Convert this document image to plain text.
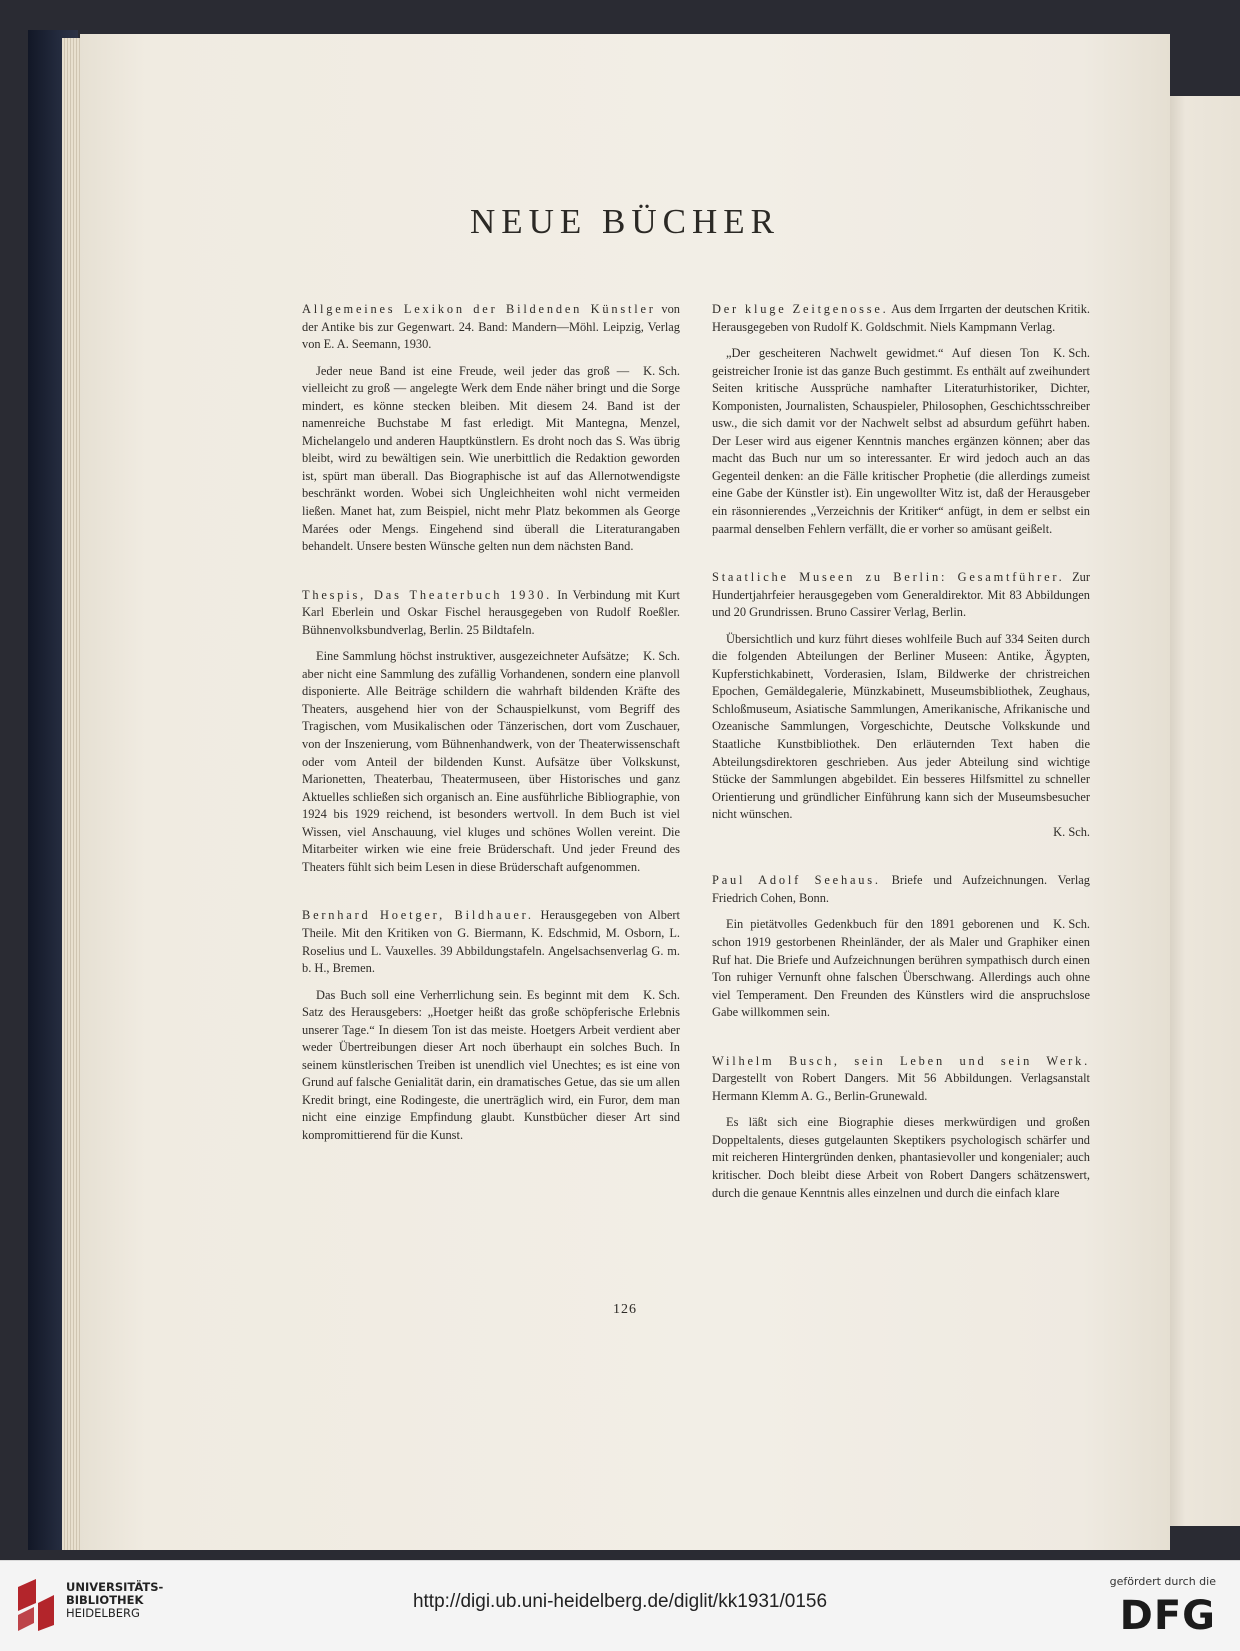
NEUE BÜCHER

Allgemeines Lexikon der Bildenden Künstler von der Antike bis zur Gegenwart. 24. Band: Mandern—Möhl. Leipzig, Verlag von E. A. Seemann, 1930.

K. Sch.
Jeder neue Band ist eine Freude, weil jeder das groß — vielleicht zu groß — angelegte Werk dem Ende näher bringt und die Sorge mindert, es könne stecken bleiben. Mit diesem 24. Band ist der namenreiche Buchstabe M fast erledigt. Mit Mantegna, Menzel, Michelangelo und anderen Hauptkünstlern. Es droht noch das S. Was übrig bleibt, wird zu bewältigen sein. Wie unerbittlich die Redaktion geworden ist, spürt man überall. Das Biographische ist auf das Allernotwendigste beschränkt worden. Wobei sich Ungleichheiten wohl nicht vermeiden ließen. Manet hat, zum Beispiel, nicht mehr Platz bekommen als George Marées oder Mengs. Eingehend sind überall die Literaturangaben behandelt. Unsere besten Wünsche gelten nun dem nächsten Band.

Thespis, Das Theaterbuch 1930. In Verbindung mit Kurt Karl Eberlein und Oskar Fischel herausgegeben von Rudolf Roeßler. Bühnenvolksbundverlag, Berlin. 25 Bildtafeln.

K. Sch.
Eine Sammlung höchst instruktiver, ausgezeichneter Aufsätze; aber nicht eine Sammlung des zufällig Vorhandenen, sondern eine planvoll disponierte. Alle Beiträge schildern die wahrhaft bildenden Kräfte des Theaters, ausgehend hier von der Schauspielkunst, vom Begriff des Tragischen, vom Musikalischen oder Tänzerischen, dort vom Zuschauer, von der Inszenierung, vom Bühnenhandwerk, von der Theaterwissenschaft oder vom Anteil der bildenden Kunst. Aufsätze über Volkskunst, Marionetten, Theaterbau, Theatermuseen, über Historisches und ganz Aktuelles schließen sich organisch an. Eine ausführliche Bibliographie, von 1924 bis 1929 reichend, ist besonders wertvoll. In dem Buch ist viel Wissen, viel Anschauung, viel kluges und schönes Wollen vereint. Die Mitarbeiter wirken wie eine freie Brüderschaft. Und jeder Freund des Theaters fühlt sich beim Lesen in diese Brüderschaft aufgenommen.

Bernhard Hoetger, Bildhauer. Herausgegeben von Albert Theile. Mit den Kritiken von G. Biermann, K. Edschmid, M. Osborn, L. Roselius und L. Vauxelles. 39 Abbildungstafeln. Angelsachsenverlag G. m. b. H., Bremen.

K. Sch.
Das Buch soll eine Verherrlichung sein. Es beginnt mit dem Satz des Herausgebers: „Hoetger heißt das große schöpferische Erlebnis unserer Tage.“ In diesem Ton ist das meiste. Hoetgers Arbeit verdient aber weder Übertreibungen dieser Art noch überhaupt ein solches Buch. In seinem künstlerischen Treiben ist unendlich viel Unechtes; es ist eine von Grund auf falsche Genialität darin, ein dramatisches Getue, das sie um allen Kredit bringt, eine Rodingeste, die unerträglich wird, ein Furor, dem man nicht eine einzige Empfindung glaubt. Kunstbücher dieser Art sind kompromittierend für die Kunst.

Der kluge Zeitgenosse. Aus dem Irrgarten der deutschen Kritik. Herausgegeben von Rudolf K. Goldschmit. Niels Kampmann Verlag.

K. Sch.
„Der gescheiteren Nachwelt gewidmet.“ Auf diesen Ton geistreicher Ironie ist das ganze Buch gestimmt. Es enthält auf zweihundert Seiten kritische Aussprüche namhafter Literaturhistoriker, Dichter, Komponisten, Journalisten, Schauspieler, Philosophen, Geschichtsschreiber usw., die sich damit vor der Nachwelt selbst ad absurdum geführt haben. Der Leser wird aus eigener Kenntnis manches ergänzen können; aber das macht das Buch nur um so interessanter. Er wird jedoch auch an das Gegenteil denken: an die Fälle kritischer Prophetie (die allerdings zumeist eine Gabe der Künstler ist). Ein ungewollter Witz ist, daß der Herausgeber ein räsonnierendes „Verzeichnis der Kritiker“ anfügt, in dem er selbst ein paarmal denselben Fehlern verfällt, die er vorher so amüsant geißelt.

Staatliche Museen zu Berlin: Gesamtführer. Zur Hundertjahrfeier herausgegeben vom Generaldirektor. Mit 83 Abbildungen und 20 Grundrissen. Bruno Cassirer Verlag, Berlin.

Übersichtlich und kurz führt dieses wohlfeile Buch auf 334 Seiten durch die folgenden Abteilungen der Berliner Museen: Antike, Ägypten, Kupferstichkabinett, Vorderasien, Islam, Bildwerke der christreichen Epochen, Gemäldegalerie, Münzkabinett, Museumsbibliothek, Zeughaus, Schloßmuseum, Asiatische Sammlungen, Amerikanische, Afrikanische und Ozeanische Sammlungen, Vorgeschichte, Deutsche Volkskunde und Staatliche Kunstbibliothek. Den erläuternden Text haben die Abteilungsdirektoren geschrieben. Aus jeder Abteilung sind wichtige Stücke der Sammlungen abgebildet. Ein besseres Hilfsmittel zu schneller Orientierung und gründlicher Einführung kann sich der Museumsbesucher nicht wünschen.

K. Sch.

Paul Adolf Seehaus. Briefe und Aufzeichnungen. Verlag Friedrich Cohen, Bonn.

K. Sch.
Ein pietätvolles Gedenkbuch für den 1891 geborenen und schon 1919 gestorbenen Rheinländer, der als Maler und Graphiker einen Ruf hat. Die Briefe und Aufzeichnungen berühren sympathisch durch einen Ton ruhiger Vernunft ohne falschen Überschwang. Allerdings auch ohne viel Temperament. Den Freunden des Künstlers wird die anspruchslose Gabe willkommen sein.

Wilhelm Busch, sein Leben und sein Werk. Dargestellt von Robert Dangers. Mit 56 Abbildungen. Verlagsanstalt Hermann Klemm A. G., Berlin-Grunewald.

Es läßt sich eine Biographie dieses merkwürdigen und großen Doppeltalents, dieses gutgelaunten Skeptikers psychologisch schärfer und mit reicheren Hintergründen denken, phantasievoller und kongenialer; auch kritischer. Doch bleibt diese Arbeit von Robert Dangers schätzenswert, durch die genaue Kenntnis alles einzelnen und durch die einfach klare

126
UNIVERSITÄTS-
BIBLIOTHEK
HEIDELBERG
http://digi.ub.uni-heidelberg.de/diglit/kk1931/0156
gefördert durch die
DFG
